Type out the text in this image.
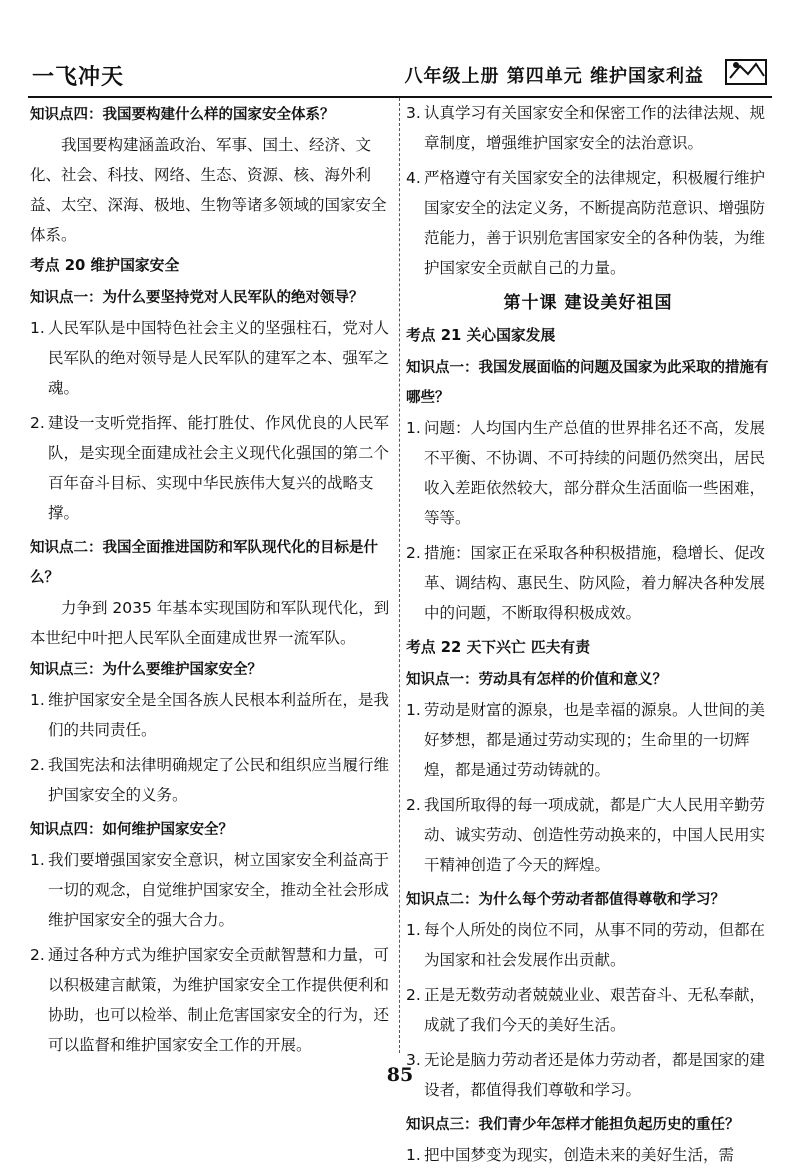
一飞冲天	八年级上册 第四单元 维护国家利益
知识点四：我国要构建什么样的国家安全体系？

我国要构建涵盖政治、军事、国土、经济、文化、社会、科技、网络、生态、资源、核、海外利益、太空、深海、极地、生物等诸多领域的国家安全体系。

考点 20 维护国家安全
知识点一：为什么要坚持党对人民军队的绝对领导？
1. 人民军队是中国特色社会主义的坚强柱石，党对人民军队的绝对领导是人民军队的建军之本、强军之魂。
2. 建设一支听党指挥、能打胜仗、作风优良的人民军队，是实现全面建成社会主义现代化强国的第二个百年奋斗目标、实现中华民族伟大复兴的战略支撑。
知识点二：我国全面推进国防和军队现代化的目标是什么？

力争到 2035 年基本实现国防和军队现代化，到本世纪中叶把人民军队全面建成世界一流军队。

知识点三：为什么要维护国家安全？
1. 维护国家安全是全国各族人民根本利益所在，是我们的共同责任。
2. 我国宪法和法律明确规定了公民和组织应当履行维护国家安全的义务。
知识点四：如何维护国家安全？
1. 我们要增强国家安全意识，树立国家安全利益高于一切的观念，自觉维护国家安全，推动全社会形成维护国家安全的强大合力。
2. 通过各种方式为维护国家安全贡献智慧和力量，可以积极建言献策，为维护国家安全工作提供便利和协助，也可以检举、制止危害国家安全的行为，还可以监督和维护国家安全工作的开展。
3. 认真学习有关国家安全和保密工作的法律法规、规章制度，增强维护国家安全的法治意识。
4. 严格遵守有关国家安全的法律规定，积极履行维护国家安全的法定义务，不断提高防范意识、增强防范能力，善于识别危害国家安全的各种伪装，为维护国家安全贡献自己的力量。
第十课 建设美好祖国
考点 21 关心国家发展
知识点一：我国发展面临的问题及国家为此采取的措施有哪些？
1. 问题：人均国内生产总值的世界排名还不高，发展不平衡、不协调、不可持续的问题仍然突出，居民收入差距依然较大，部分群众生活面临一些困难，等等。
2. 措施：国家正在采取各种积极措施，稳增长、促改革、调结构、惠民生、防风险，着力解决各种发展中的问题，不断取得积极成效。
考点 22 天下兴亡 匹夫有责
知识点一：劳动具有怎样的价值和意义？
1. 劳动是财富的源泉，也是幸福的源泉。人世间的美好梦想，都是通过劳动实现的；生命里的一切辉煌，都是通过劳动铸就的。
2. 我国所取得的每一项成就，都是广大人民用辛勤劳动、诚实劳动、创造性劳动换来的，中国人民用实干精神创造了今天的辉煌。
知识点二：为什么每个劳动者都值得尊敬和学习？
1. 每个人所处的岗位不同，从事不同的劳动，但都在为国家和社会发展作出贡献。
2. 正是无数劳动者兢兢业业、艰苦奋斗、无私奉献，成就了我们今天的美好生活。
3. 无论是脑力劳动者还是体力劳动者，都是国家的建设者，都值得我们尊敬和学习。
知识点三：我们青少年怎样才能担负起历史的重任？
1. 把中国梦变为现实，创造未来的美好生活，需
85
